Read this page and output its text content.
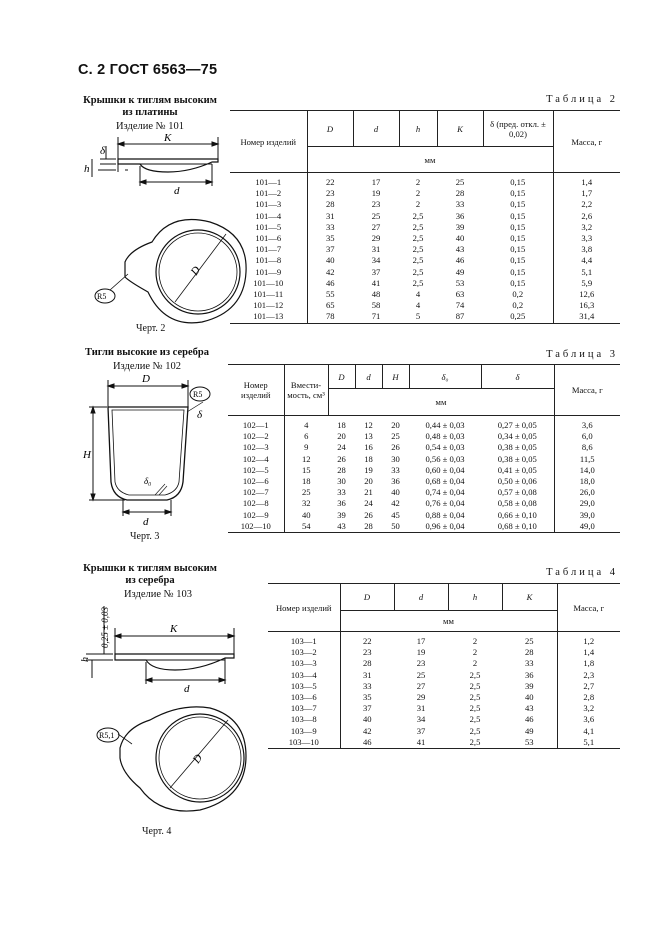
С. 2 ГОСТ 6563—75
Крышки к тиглям высоким
из платины
Изделие № 101
K
d
δ
h
R5
D
Черт. 2
Таблица 2
Номер изделий	D	d	h	K	δ (пред. откл. ± 0,02)	Масса, г
	мм					
101—1	22	17	2	25	0,15	1,4
101—2	23	19	2	28	0,15	1,7
101—3	28	23	2	33	0,15	2,2
101—4	31	25	2,5	36	0,15	2,6
101—5	33	27	2,5	39	0,15	3,2
101—6	35	29	2,5	40	0,15	3,3
101—7	37	31	2,5	43	0,15	3,8
101—8	40	34	2,5	46	0,15	4,4
101—9	42	37	2,5	49	0,15	5,1
101—10	46	41	2,5	53	0,15	5,9
101—11	55	48	4	63	0,2	12,6
101—12	65	58	4	74	0,2	16,3
101—13	78	71	5	87	0,25	31,4
Тигли высокие из серебра
Изделие № 102
R5
D
δ
H
d
δ₀
Черт. 3
Таблица 3
Номер изделий	Вмести-мость, см³	D	d	H	δ₀	δ	Масса, г
		мм					
102—1	4	18	12	20	0,44 ± 0,03	0,27 ± 0,05	3,6
102—2	6	20	13	25	0,48 ± 0,03	0,34 ± 0,05	6,0
102—3	9	24	16	26	0,54 ± 0,03	0,38 ± 0,05	8,6
102—4	12	26	18	30	0,56 ± 0,03	0,38 ± 0,05	11,5
102—5	15	28	19	33	0,60 ± 0,04	0,41 ± 0,05	14,0
102—6	18	30	20	36	0,68 ± 0,04	0,50 ± 0,06	18,0
102—7	25	33	21	40	0,74 ± 0,04	0,57 ± 0,08	26,0
102—8	32	36	24	42	0,76 ± 0,04	0,58 ± 0,08	29,0
102—9	40	39	26	45	0,88 ± 0,04	0,66 ± 0,10	39,0
102—10	54	43	28	50	0,96 ± 0,04	0,68 ± 0,10	49,0
Крышки к тиглям высоким
из серебра
Изделие № 103
0,25 ± 0,03	K
d
h
R5,1
D
Черт. 4
Таблица 4
Номер изделий	D	d	h	K	Масса, г
	мм				
103—1	22	17	2	25	1,2
103—2	23	19	2	28	1,4
103—3	28	23	2	33	1,8
103—4	31	25	2,5	36	2,3
103—5	33	27	2,5	39	2,7
103—6	35	29	2,5	40	2,8
103—7	37	31	2,5	43	3,2
103—8	40	34	2,5	46	3,6
103—9	42	37	2,5	49	4,1
103—10	46	41	2,5	53	5,1
